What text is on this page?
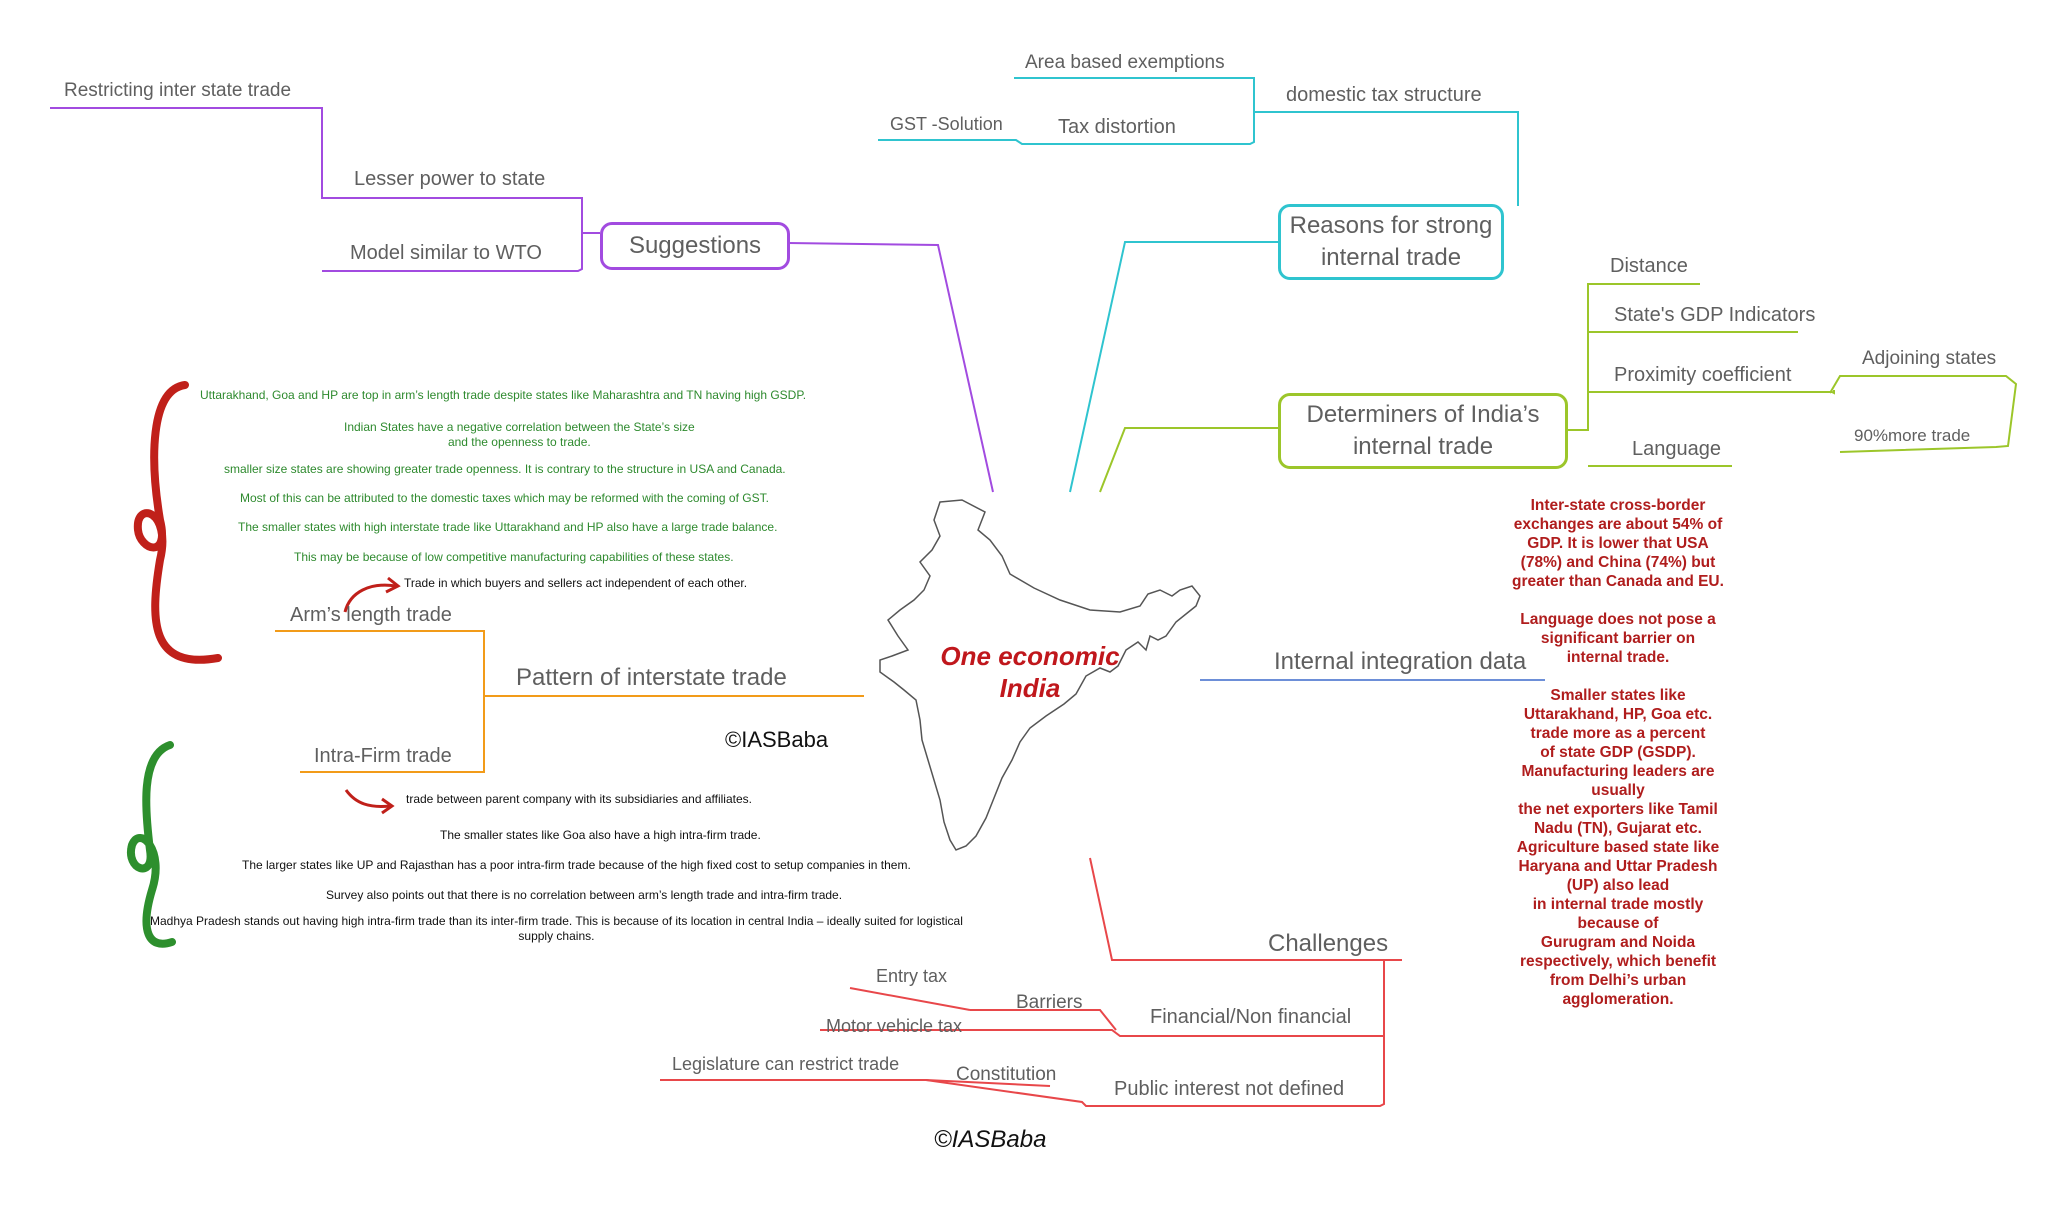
Restricting inter state trade
Lesser power to state
Model similar to WTO	Suggestions
Area based exemptions
domestic tax structure
Tax distortion
GST -Solution
Reasons for strong
internal trade
Determiners of India’s
internal trade
Distance
State's GDP Indicators
Proximity coefficient
Adjoining states
90%more trade
Language
Internal integration data
Inter-state cross-border
exchanges are about 54% of
GDP. It is lower that USA
(78%) and China (74%) but
greater than Canada and EU.

Language does not pose a
significant barrier on
internal trade.

Smaller states like
Uttarakhand, HP, Goa etc.
trade more as a percent
of state GDP (GSDP).
Manufacturing leaders are
usually
the net exporters like Tamil
Nadu (TN), Gujarat etc.
Agriculture based state like
Haryana and Uttar Pradesh
(UP) also lead
in internal trade mostly
because of
Gurugram and Noida
respectively, which benefit
from Delhi’s urban
agglomeration.
One economic
India
©IASBaba
©IASBaba
Pattern of interstate trade
Arm’s length trade
Intra-Firm trade
Trade in which buyers and sellers act independent of each other.
trade between parent company with its subsidiaries and affiliates.
Uttarakhand, Goa and HP are top in arm’s length trade despite states like Maharashtra and TN having high GSDP.
Indian States have a negative correlation between the State’s size
and the openness to trade.
smaller size states are showing greater trade openness. It is contrary to the structure in USA and Canada.
Most of this can be attributed to the domestic taxes which may be reformed with the coming of GST.
The smaller states with high interstate trade like Uttarakhand and HP also have a large trade balance.
This may be because of low competitive manufacturing capabilities of these states.
The smaller states like Goa also have a high intra-firm trade.
The larger states like UP and Rajasthan has a poor intra-firm trade because of the high fixed cost to setup companies in them.
Survey also points out that there is no correlation between arm’s length trade and intra-firm trade.
Madhya Pradesh stands out having high intra-firm trade than its inter-firm trade. This is because of its location in central India – ideally suited for logistical
supply chains.	Challenges
Financial/Non financial
Barriers
Entry tax
Motor vehicle tax
Public interest not defined
Constitution
Legislature can restrict trade
